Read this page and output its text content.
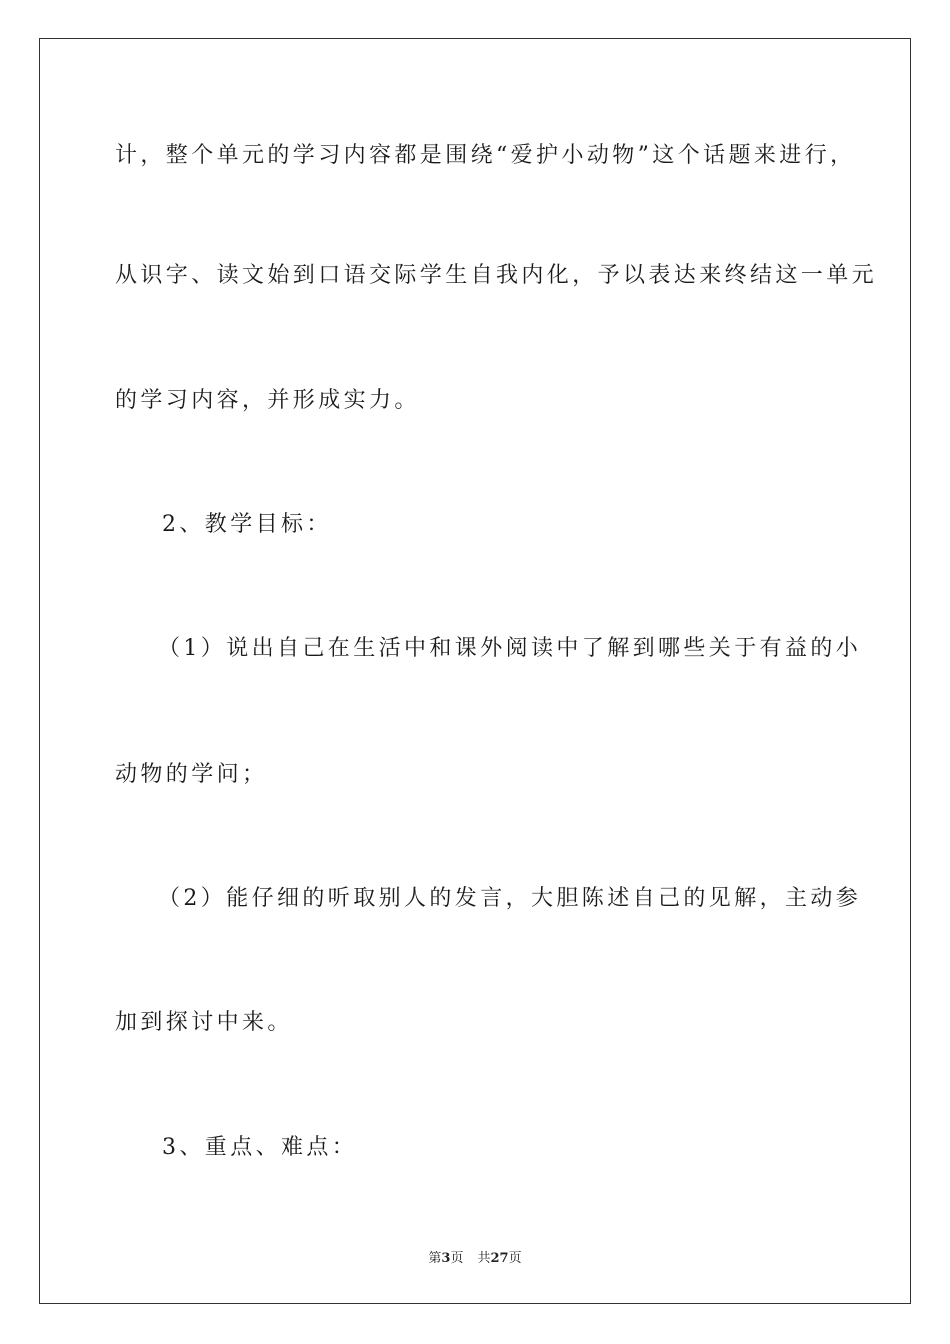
计，整个单元的学习内容都是围绕“爱护小动物”这个话题来进行，
从识字、读文始到口语交际学生自我内化，予以表达来终结这一单元
的学习内容，并形成实力。
2、教学目标：
（1）说出自己在生活中和课外阅读中了解到哪些关于有益的小
动物的学问；
（2）能仔细的听取别人的发言，大胆陈述自己的见解，主动参
加到探讨中来。
3、重点、难点：
第3页 共27页
